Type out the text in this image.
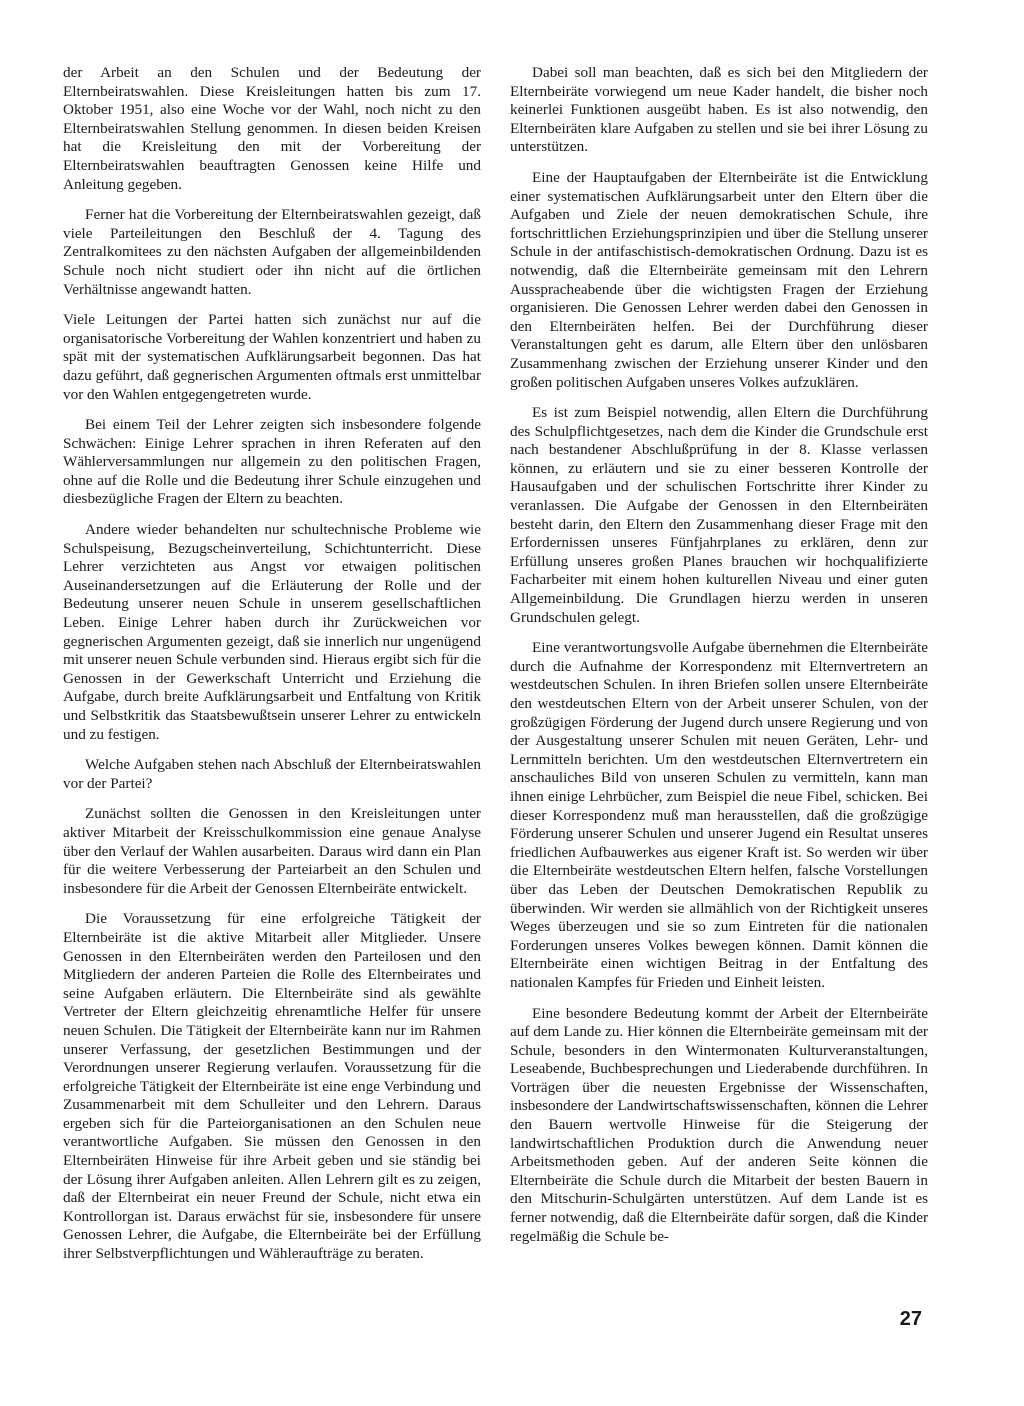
der Arbeit an den Schulen und der Bedeutung der Elternbeiratswahlen. Diese Kreisleitungen hatten bis zum 17. Oktober 1951, also eine Woche vor der Wahl, noch nicht zu den Elternbeiratswahlen Stellung genommen. In diesen beiden Kreisen hat die Kreisleitung den mit der Vorbereitung der Elternbeiratswahlen beauftragten Genossen keine Hilfe und Anleitung gegeben.

Ferner hat die Vorbereitung der Elternbeiratswahlen gezeigt, daß viele Parteileitungen den Beschluß der 4. Tagung des Zentralkomitees zu den nächsten Aufgaben der allgemeinbildenden Schule noch nicht studiert oder ihn nicht auf die örtlichen Verhältnisse angewandt hatten.

Viele Leitungen der Partei hatten sich zunächst nur auf die organisatorische Vorbereitung der Wahlen konzentriert und haben zu spät mit der systematischen Aufklärungsarbeit begonnen. Das hat dazu geführt, daß gegnerischen Argumenten oftmals erst unmittelbar vor den Wahlen entgegengetreten wurde.

Bei einem Teil der Lehrer zeigten sich insbesondere folgende Schwächen: Einige Lehrer sprachen in ihren Referaten auf den Wählerversammlungen nur allgemein zu den politischen Fragen, ohne auf die Rolle und die Bedeutung ihrer Schule einzugehen und diesbezügliche Fragen der Eltern zu beachten.

Andere wieder behandelten nur schultechnische Probleme wie Schulspeisung, Bezugscheinverteilung, Schichtunterricht. Diese Lehrer verzichteten aus Angst vor etwaigen politischen Auseinandersetzungen auf die Erläuterung der Rolle und der Bedeutung unserer neuen Schule in unserem gesellschaftlichen Leben. Einige Lehrer haben durch ihr Zurückweichen vor gegnerischen Argumenten gezeigt, daß sie innerlich nur ungenügend mit unserer neuen Schule verbunden sind. Hieraus ergibt sich für die Genossen in der Gewerkschaft Unterricht und Erziehung die Aufgabe, durch breite Aufklärungsarbeit und Entfaltung von Kritik und Selbstkritik das Staatsbewußtsein unserer Lehrer zu entwickeln und zu festigen.

Welche Aufgaben stehen nach Abschluß der Elternbeiratswahlen vor der Partei?

Zunächst sollten die Genossen in den Kreisleitungen unter aktiver Mitarbeit der Kreisschulkommission eine genaue Analyse über den Verlauf der Wahlen ausarbeiten. Daraus wird dann ein Plan für die weitere Verbesserung der Parteiarbeit an den Schulen und insbesondere für die Arbeit der Genossen Elternbeiräte entwickelt.

Die Voraussetzung für eine erfolgreiche Tätigkeit der Elternbeiräte ist die aktive Mitarbeit aller Mitglieder. Unsere Genossen in den Elternbeiräten werden den Parteilosen und den Mitgliedern der anderen Parteien die Rolle des Elternbeirates und seine Aufgaben erläutern. Die Elternbeiräte sind als gewählte Vertreter der Eltern gleichzeitig ehrenamtliche Helfer für unsere neuen Schulen. Die Tätigkeit der Elternbeiräte kann nur im Rahmen unserer Verfassung, der gesetzlichen Bestimmungen und der Verordnungen unserer Regierung verlaufen. Voraussetzung für die erfolgreiche Tätigkeit der Elternbeiräte ist eine enge Verbindung und Zusammenarbeit mit dem Schulleiter und den Lehrern. Daraus ergeben sich für die Parteiorganisationen an den Schulen neue verantwortliche Aufgaben. Sie müssen den Genossen in den Elternbeiräten Hinweise für ihre Arbeit geben und sie ständig bei der Lösung ihrer Aufgaben anleiten. Allen Lehrern gilt es zu zeigen, daß der Elternbeirat ein neuer Freund der Schule, nicht etwa ein Kontrollorgan ist. Daraus erwächst für sie, insbesondere für unsere Genossen Lehrer, die Aufgabe, die Elternbeiräte bei der Erfüllung ihrer Selbstverpflichtungen und Wähleraufträge zu beraten.

Dabei soll man beachten, daß es sich bei den Mitgliedern der Elternbeiräte vorwiegend um neue Kader handelt, die bisher noch keinerlei Funktionen ausgeübt haben. Es ist also notwendig, den Elternbeiräten klare Aufgaben zu stellen und sie bei ihrer Lösung zu unterstützen.

Eine der Hauptaufgaben der Elternbeiräte ist die Entwicklung einer systematischen Aufklärungsarbeit unter den Eltern über die Aufgaben und Ziele der neuen demokratischen Schule, ihre fortschrittlichen Erziehungsprinzipien und über die Stellung unserer Schule in der antifaschistisch-demokratischen Ordnung. Dazu ist es notwendig, daß die Elternbeiräte gemeinsam mit den Lehrern Ausspracheabende über die wichtigsten Fragen der Erziehung organisieren. Die Genossen Lehrer werden dabei den Genossen in den Elternbeiräten helfen. Bei der Durchführung dieser Veranstaltungen geht es darum, alle Eltern über den unlösbaren Zusammenhang zwischen der Erziehung unserer Kinder und den großen politischen Aufgaben unseres Volkes aufzuklären.

Es ist zum Beispiel notwendig, allen Eltern die Durchführung des Schulpflichtgesetzes, nach dem die Kinder die Grundschule erst nach bestandener Abschlußprüfung in der 8. Klasse verlassen können, zu erläutern und sie zu einer besseren Kontrolle der Hausaufgaben und der schulischen Fortschritte ihrer Kinder zu veranlassen. Die Aufgabe der Genossen in den Elternbeiräten besteht darin, den Eltern den Zusammenhang dieser Frage mit den Erfordernissen unseres Fünfjahrplanes zu erklären, denn zur Erfüllung unseres großen Planes brauchen wir hochqualifizierte Facharbeiter mit einem hohen kulturellen Niveau und einer guten Allgemeinbildung. Die Grundlagen hierzu werden in unseren Grundschulen gelegt.

Eine verantwortungsvolle Aufgabe übernehmen die Elternbeiräte durch die Aufnahme der Korrespondenz mit Elternvertretern an westdeutschen Schulen. In ihren Briefen sollen unsere Elternbeiräte den westdeutschen Eltern von der Arbeit unserer Schulen, von der großzügigen Förderung der Jugend durch unsere Regierung und von der Ausgestaltung unserer Schulen mit neuen Geräten, Lehr- und Lernmitteln berichten. Um den westdeutschen Elternvertretern ein anschauliches Bild von unseren Schulen zu vermitteln, kann man ihnen einige Lehrbücher, zum Beispiel die neue Fibel, schicken. Bei dieser Korrespondenz muß man herausstellen, daß die großzügige Förderung unserer Schulen und unserer Jugend ein Resultat unseres friedlichen Aufbauwerkes aus eigener Kraft ist. So werden wir über die Elternbeiräte westdeutschen Eltern helfen, falsche Vorstellungen über das Leben der Deutschen Demokratischen Republik zu überwinden. Wir werden sie allmählich von der Richtigkeit unseres Weges überzeugen und sie so zum Eintreten für die nationalen Forderungen unseres Volkes bewegen können. Damit können die Elternbeiräte einen wichtigen Beitrag in der Entfaltung des nationalen Kampfes für Frieden und Einheit leisten.

Eine besondere Bedeutung kommt der Arbeit der Elternbeiräte auf dem Lande zu. Hier können die Elternbeiräte gemeinsam mit der Schule, besonders in den Wintermonaten Kulturveranstaltungen, Leseabende, Buchbesprechungen und Liederabende durchführen. In Vorträgen über die neuesten Ergebnisse der Wissenschaften, insbesondere der Landwirtschaftswissenschaften, können die Lehrer den Bauern wertvolle Hinweise für die Steigerung der landwirtschaftlichen Produktion durch die Anwendung neuer Arbeitsmethoden geben. Auf der anderen Seite können die Elternbeiräte die Schule durch die Mitarbeit der besten Bauern in den Mitschurin-Schulgärten unterstützen. Auf dem Lande ist es ferner notwendig, daß die Elternbeiräte dafür sorgen, daß die Kinder regelmäßig die Schule be-

27
